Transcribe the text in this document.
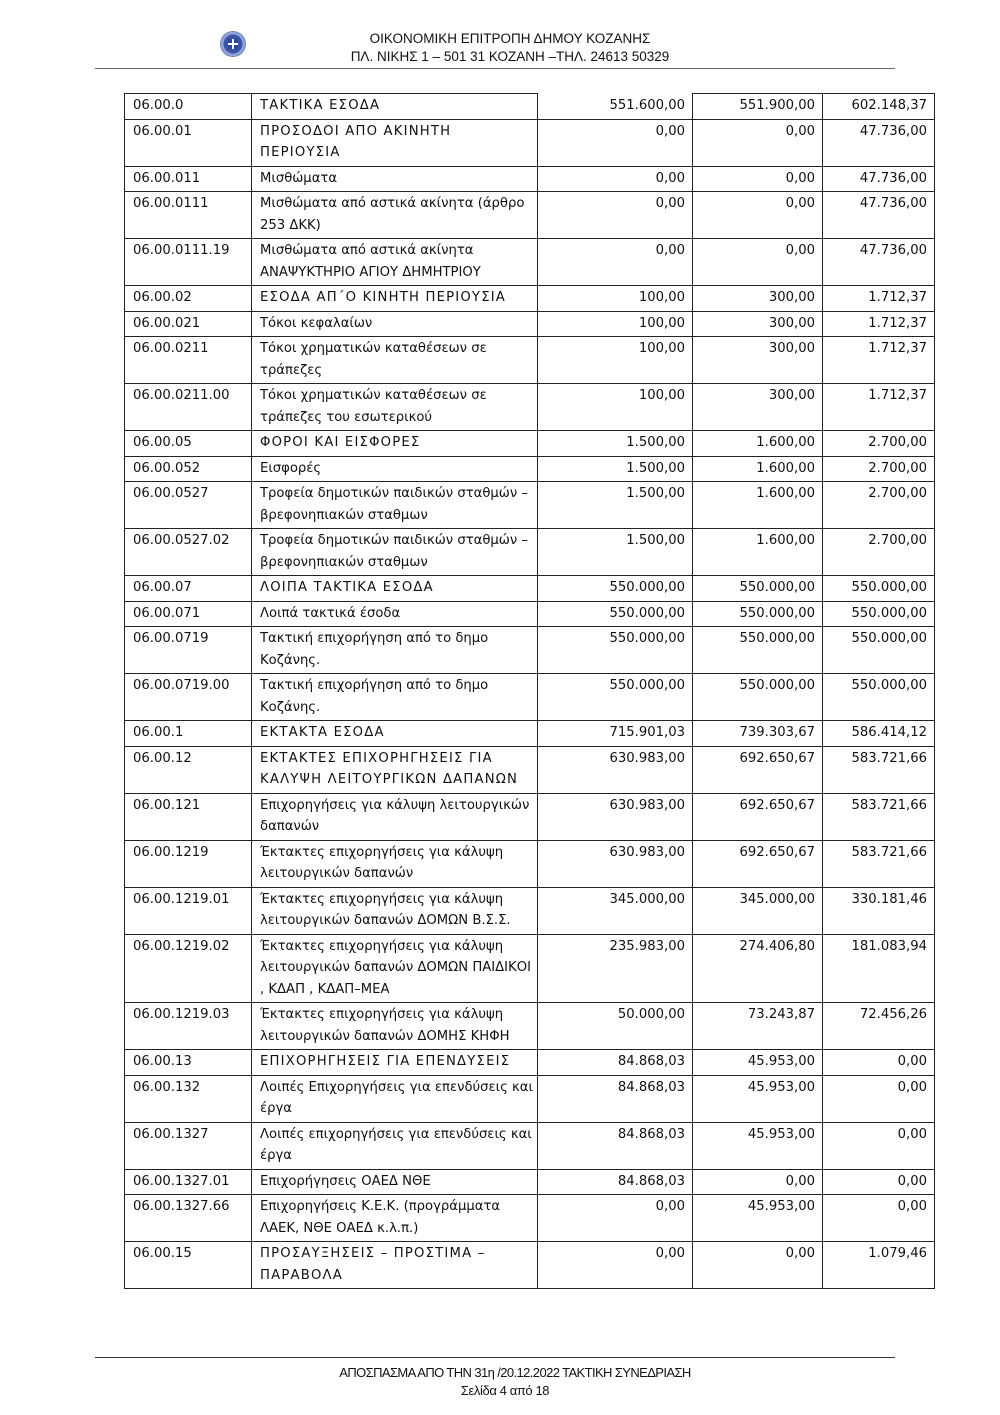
ΟΙΚΟΝΟΜΙΚΗ ΕΠΙΤΡΟΠΗ ΔΗΜΟΥ ΚΟΖΑΝΗΣ
ΠΛ. ΝΙΚΗΣ 1 – 501 31 ΚΟΖΑΝΗ –ΤΗΛ. 24613 50329
06.00.0	ΤΑΚΤΙΚΑ ΕΣΟΔΑ	551.600,00	551.900,00	602.148,37
06.00.01	ΠΡΟΣΟΔΟΙ ΑΠΟ ΑΚΙΝΗΤΗ ΠΕΡΙΟΥΣΙΑ	0,00	0,00	47.736,00
06.00.011	Μισθώματα	0,00	0,00	47.736,00
06.00.0111	Μισθώματα από αστικά ακίνητα (άρθρο 253 ΔΚΚ)	0,00	0,00	47.736,00
06.00.0111.19	Μισθώματα από αστικά ακίνητα ΑΝΑΨΥΚΤΗΡΙΟ ΑΓΙΟΥ ΔΗΜΗΤΡΙΟΥ	0,00	0,00	47.736,00
06.00.02	ΕΣΟΔΑ ΑΠ΄Ο ΚΙΝΗΤΗ ΠΕΡΙΟΥΣΙΑ	100,00	300,00	1.712,37
06.00.021	Τόκοι κεφαλαίων	100,00	300,00	1.712,37
06.00.0211	Τόκοι χρηματικών καταθέσεων σε τράπεζες	100,00	300,00	1.712,37
06.00.0211.00	Τόκοι χρηματικών καταθέσεων σε τράπεζες του εσωτερικού	100,00	300,00	1.712,37
06.00.05	ΦΟΡΟΙ ΚΑΙ ΕΙΣΦΟΡΕΣ	1.500,00	1.600,00	2.700,00
06.00.052	Εισφορές	1.500,00	1.600,00	2.700,00
06.00.0527	Τροφεία δημοτικών παιδικών σταθμών – βρεφονηπιακών σταθμων	1.500,00	1.600,00	2.700,00
06.00.0527.02	Τροφεία δημοτικών παιδικών σταθμών – βρεφονηπιακών σταθμων	1.500,00	1.600,00	2.700,00
06.00.07	ΛΟΙΠΑ ΤΑΚΤΙΚΑ ΕΣΟΔΑ	550.000,00	550.000,00	550.000,00
06.00.071	Λοιπά τακτικά έσοδα	550.000,00	550.000,00	550.000,00
06.00.0719	Τακτική επιχορήγηση από το δημο Κοζάνης.	550.000,00	550.000,00	550.000,00
06.00.0719.00	Τακτική επιχορήγηση από το δημο Κοζάνης.	550.000,00	550.000,00	550.000,00
06.00.1	ΕΚΤΑΚΤΑ ΕΣΟΔΑ	715.901,03	739.303,67	586.414,12
06.00.12	ΕΚΤΑΚΤΕΣ ΕΠΙΧΟΡΗΓΗΣΕΙΣ ΓΙΑ ΚΑΛΥΨΗ ΛΕΙΤΟΥΡΓΙΚΩΝ ΔΑΠΑΝΩΝ	630.983,00	692.650,67	583.721,66
06.00.121	Επιχορηγήσεις για κάλυψη λειτουργικών δαπανών	630.983,00	692.650,67	583.721,66
06.00.1219	Έκτακτες επιχορηγήσεις για κάλυψη λειτουργικών δαπανών	630.983,00	692.650,67	583.721,66
06.00.1219.01	Έκτακτες επιχορηγήσεις για κάλυψη λειτουργικών δαπανών ΔΟΜΩΝ Β.Σ.Σ.	345.000,00	345.000,00	330.181,46
06.00.1219.02	Έκτακτες επιχορηγήσεις για κάλυψη λειτουργικών δαπανών ΔΟΜΩΝ ΠΑΙΔΙΚΟΙ , ΚΔΑΠ , ΚΔΑΠ–ΜΕΑ	235.983,00	274.406,80	181.083,94
06.00.1219.03	Έκτακτες επιχορηγήσεις για κάλυψη λειτουργικών δαπανών ΔΟΜΗΣ ΚΗΦΗ	50.000,00	73.243,87	72.456,26
06.00.13	ΕΠΙΧΟΡΗΓΗΣΕΙΣ ΓΙΑ ΕΠΕΝΔΥΣΕΙΣ	84.868,03	45.953,00	0,00
06.00.132	Λοιπές Επιχορηγήσεις για επενδύσεις και έργα	84.868,03	45.953,00	0,00
06.00.1327	Λοιπές επιχορηγήσεις για επενδύσεις και έργα	84.868,03	45.953,00	0,00
06.00.1327.01	Επιχορήγησεις ΟΑΕΔ ΝΘΕ	84.868,03	0,00	0,00
06.00.1327.66	Επιχορηγήσεις Κ.Ε.Κ. (προγράμματα ΛΑΕΚ, ΝΘΕ ΟΑΕΔ κ.λ.π.)	0,00	45.953,00	0,00
06.00.15	ΠΡΟΣΑΥΞΗΣΕΙΣ – ΠΡΟΣΤΙΜΑ – ΠΑΡΑΒΟΛΑ	0,00	0,00	1.079,46
ΑΠΟΣΠΑΣΜΑ ΑΠΟ ΤΗΝ 31η /20.12.2022 ΤΑΚΤΙΚΗ ΣΥΝΕΔΡΙΑΣΗ
Σελίδα 4 από 18
